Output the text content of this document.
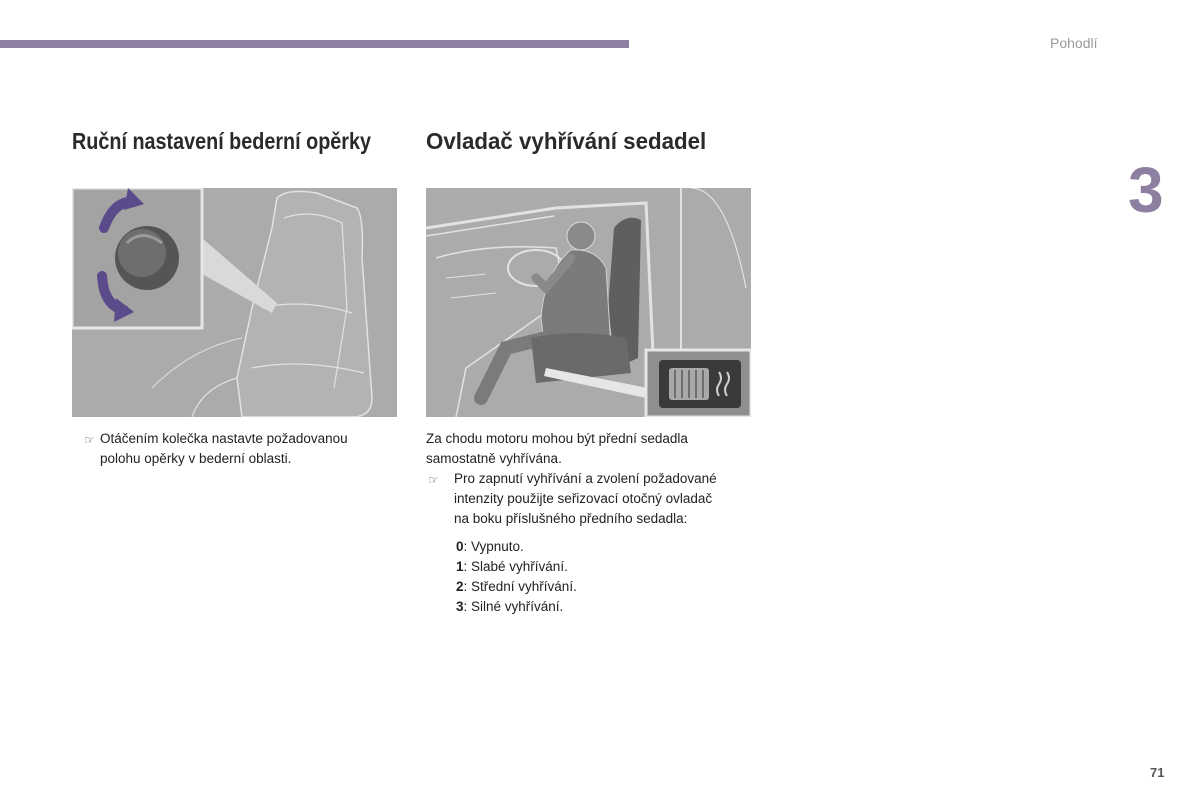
Pohodlí
3
Ruční nastavení bederní opěrky Ovladač vyhřívání sedadel
☞ Otáčením kolečka nastavte požadovanou
polohu opěrky v bederní oblasti.
Za chodu motoru mohou být přední sedadla
samostatně vyhřívána.
☞ Pro zapnutí vyhřívání a zvolení požadované
intenzity použijte seřizovací otočný ovladač
na boku příslušného předního sedadla:
0: Vypnuto.
1: Slabé vyhřívání.
2: Střední vyhřívání.
3: Silné vyhřívání.
71
